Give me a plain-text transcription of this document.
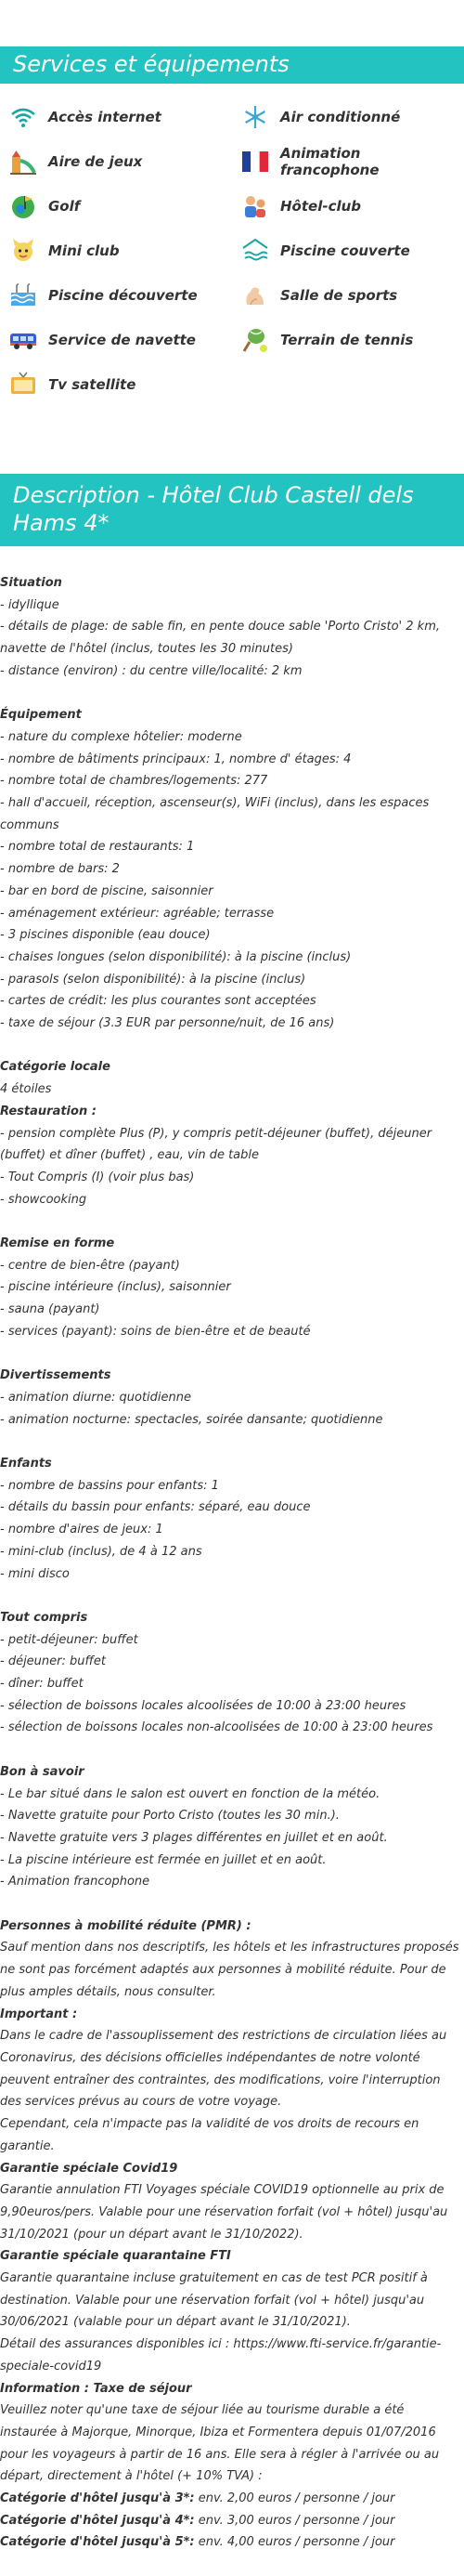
Services et équipements
Accès internet	Air conditionné
Aire de jeux	Animation francophone
Golf	Hôtel-club
Mini club	Piscine couverte
Piscine découverte	Salle de sports
Service de navette	Terrain de tennis
Tv satellite
Description - Hôtel Club Castell dels Hams 4*
Situation
- idyllique
- détails de plage: de sable fin, en pente douce sable 'Porto Cristo' 2 km, navette de l'hôtel (inclus, toutes les 30 minutes)
- distance (environ) : du centre ville/localité: 2 km
Équipement
- nature du complexe hôtelier: moderne
- nombre de bâtiments principaux: 1, nombre d' étages: 4
- nombre total de chambres/logements: 277
- hall d'accueil, réception, ascenseur(s), WiFi (inclus), dans les espaces communs
- nombre total de restaurants: 1
- nombre de bars: 2
- bar en bord de piscine, saisonnier
- aménagement extérieur: agréable; terrasse
- 3 piscines disponible (eau douce)
- chaises longues (selon disponibilité): à la piscine (inclus)
- parasols (selon disponibilité): à la piscine (inclus)
- cartes de crédit: les plus courantes sont acceptées
- taxe de séjour (3.3 EUR par personne/nuit, de 16 ans)
Catégorie locale
4 étoiles
Restauration :
- pension complète Plus (P), y compris petit-déjeuner (buffet), déjeuner (buffet) et dîner (buffet) , eau, vin de table
- Tout Compris (I) (voir plus bas)
- showcooking
Remise en forme
- centre de bien-être (payant)
- piscine intérieure (inclus), saisonnier
- sauna (payant)
- services (payant): soins de bien-être et de beauté
Divertissements
- animation diurne: quotidienne
- animation nocturne: spectacles, soirée dansante; quotidienne
Enfants
- nombre de bassins pour enfants: 1
- détails du bassin pour enfants: séparé, eau douce
- nombre d'aires de jeux: 1
- mini-club (inclus), de 4 à 12 ans
- mini disco
Tout compris
- petit-déjeuner: buffet
- déjeuner: buffet
- dîner: buffet
- sélection de boissons locales alcoolisées de 10:00 à 23:00 heures
- sélection de boissons locales non-alcoolisées de 10:00 à 23:00 heures
Bon à savoir
- Le bar situé dans le salon est ouvert en fonction de la météo.
- Navette gratuite pour Porto Cristo (toutes les 30 min.).
- Navette gratuite vers 3 plages différentes en juillet et en août.
- La piscine intérieure est fermée en juillet et en août.
- Animation francophone
Personnes à mobilité réduite (PMR) :
Sauf mention dans nos descriptifs, les hôtels et les infrastructures proposés ne sont pas forcément adaptés aux personnes à mobilité réduite. Pour de plus amples détails, nous consulter.
Important :
Dans le cadre de l'assouplissement des restrictions de circulation liées au Coronavirus, des décisions officielles indépendantes de notre volonté peuvent entraîner des contraintes, des modifications, voire l'interruption des services prévus au cours de votre voyage.
Cependant, cela n'impacte pas la validité de vos droits de recours en garantie.
Garantie spéciale Covid19
Garantie annulation FTI Voyages spéciale COVID19 optionnelle au prix de 9,90euros/pers. Valable pour une réservation forfait (vol + hôtel) jusqu'au 31/10/2021 (pour un départ avant le 31/10/2022).
Garantie spéciale quarantaine FTI
Garantie quarantaine incluse gratuitement en cas de test PCR positif à destination. Valable pour une réservation forfait (vol + hôtel) jusqu'au 30/06/2021 (valable pour un départ avant le 31/10/2021).
Détail des assurances disponibles ici : https://www.fti-service.fr/garantie-speciale-covid19
Information : Taxe de séjour
Veuillez noter qu'une taxe de séjour liée au tourisme durable a été instaurée à Majorque, Minorque, Ibiza et Formentera depuis 01/07/2016 pour les voyageurs à partir de 16 ans. Elle sera à régler à l'arrivée ou au départ, directement à l'hôtel (+ 10% TVA) :
Catégorie d'hôtel jusqu'à 3*: env. 2,00 euros / personne / jour
Catégorie d'hôtel jusqu'à 4*: env. 3,00 euros / personne / jour
Catégorie d'hôtel jusqu'à 5*: env. 4,00 euros / personne / jour
